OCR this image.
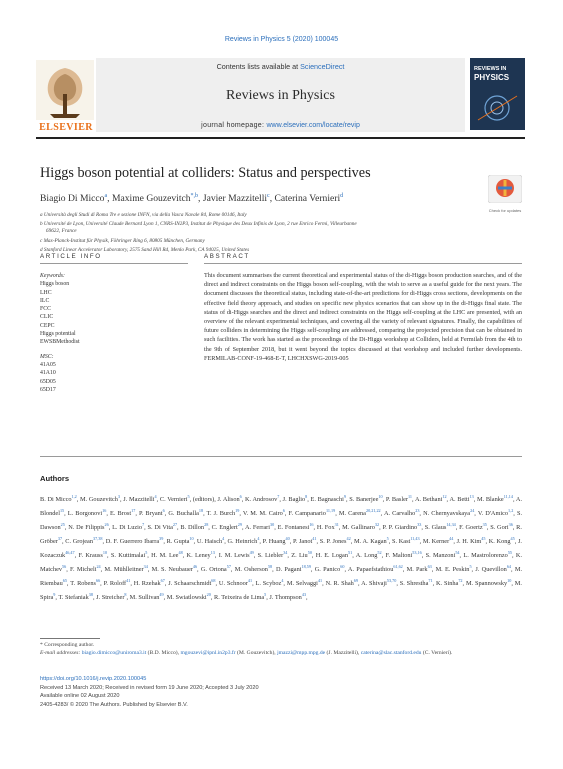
Reviews in Physics 5 (2020) 100045
ELSEVIER
Contents lists available at ScienceDirect
Reviews in Physics
journal homepage: www.elsevier.com/locate/revip
REVIEWS IN
PHYSICS
Higgs boson potential at colliders: Status and perspectives
Biagio Di Micco$^a$, Maxime Gouzevitch$^{*,b}$, Javier Mazzitelli$^c$, Caterina Vernieri$^d$
Check for updates
a Università degli Studi di Roma Tre e sezione INFN, via della Vasca Navale 84, Rome 00146, Italy
b Université de Lyon, Université Claude Bernard Lyon 1, CNRS-IN2P3, Institut de Physique des Deux Infinis de Lyon, 2 rue Enrico Fermi, Villeurbanne
69622, France
c Max-Planck-Institut für Physik, Föhringer Ring 6, 80805 München, Germany
d Stanford Linear Accelerator Laboratory, 2575 Sand Hill Rd, Menlo Park, CA 94025, United States
ARTICLE INFO
Keywords:
Higgs boson
LHC
ILC
FCC
CLIC
CEPC
Higgs potential
EWSBMethodist
MSC:
41A05
41A10
65D05
65D17
ABSTRACT
This document summarises the current theoretical and experimental status of the di-Higgs boson production searches, and of the direct and indirect constraints on the Higgs boson self-coupling, with the wish to serve as a useful guide for the next years. The document discusses the theoretical status, including state-of-the-art predictions for di-Higgs cross sections, developments on the effective field theory approach, and studies on specific new physics scenarios that can show up in the di-Higgs final state. The status of di-Higgs searches and the direct and indirect constraints on the Higgs self-coupling at the LHC are presented, with an overview of the relevant experimental techniques, and covering all the variety of relevant signatures. Finally, the capabilities of future colliders in determining the Higgs self-coupling are addressed, comparing the projected precision that can be obtained in such facilities. The work has started as the proceedings of the Di-Higgs workshop at Colliders, held at Fermilab from the 4th to the 9th of September 2018, but it went beyond the topics discussed at that workshop and included further developments. FERMILAB-CONF-19-468-E-T, LHCHXSWG-2019-005
Authors
B. Di Micco$^{1,2}$, M. Gouzevitch$^3$, J. Mazzitelli$^4$, C. Vernieri$^5$, (editors), J. Alison$^6$, K. Androsov$^7$, J. Baglio$^8$, E. Bagnaschi$^9$, S. Banerjee$^{10}$, P. Basler$^{11}$, A. Bethani$^{12}$, A. Betti$^{13}$, M. Blanke$^{11,14}$, A. Blondel$^{15}$, L. Borgonovi$^{16}$, E. Brost$^{17}$, P. Bryant$^6$, G. Buchalla$^{18}$, T. J. Burch$^{19}$, V. M. M. Cairo$^6$, F. Campanario$^{11,19}$, M. Carena$^{20,21,22}$, A. Carvalho$^{23}$, N. Chernyavskaya$^{24}$, V. D'Amico$^{1,2}$, S. Dawson$^{25}$, N. De Filippis$^{26}$, L. Di Luzio$^7$, S. Di Vita$^{27}$, B. Dillon$^{28}$, C. Englert$^{29}$, A. Ferrari$^{30}$, E. Fontanesi$^{16}$, H. Fox$^{31}$, M. Gallinaro$^{32}$, P. P. Giardino$^{33}$, S. Glaus$^{14,34}$, F. Goertz$^{35}$, S. Gori$^{36}$, R. Gröber$^{37}$, C. Grojean$^{37,38}$, D. F. Guerrero Ibarra$^{39}$, R. Gupta$^{10}$, U. Haisch$^4$, G. Heinrich$^4$, P. Huang$^{40}$, P. Janot$^{41}$, S. P. Jones$^{42}$, M. A. Kagan$^5$, S. Kast$^{11,43}$, M. Kerner$^{44}$, J. H. Kim$^{45}$, K. Kong$^{45}$, J. Kozaczuk$^{46,47}$, F. Krauss$^{10}$, S. Kuttimalai$^5$, H. M. Lee$^{48}$, K. Leney$^{13}$, I. M. Lewis$^{49}$, S. Liebler$^{34}$, Z. Liu$^{50}$, H. E. Logan$^{51}$, A. Long$^{52}$, F. Maltoni$^{53,16}$, S. Manzoni$^{54}$, L. Mastrolorenzo$^{55}$, K. Matchev$^{56}$, F. Micheli$^{24}$, M. Mühlleitner$^{34}$, M. S. Neubauer$^{46}$, G. Ortona$^{57}$, M. Osherson$^{58}$, D. Pagani$^{18,59}$, G. Panico$^{60}$, A. Papaefstathiou$^{61,62}$, M. Park$^{63}$, M. E. Peskin$^5$, J. Quevillon$^{64}$, M. Riembau$^{65}$, T. Robens$^{66}$, P. Roloff$^{41}$, H. Rzehak$^{67}$, J. Schaarschmidt$^{68}$, U. Schnoor$^{41}$, L. Scyboz$^4$, M. Selvaggi$^{41}$, N. R. Shah$^{69}$, A. Shivaji$^{53,70}$, S. Shrestha$^{71}$, K. Sinha$^{72}$, M. Spannowsky$^{10}$, M. Spira$^9$, T. Stefaniak$^{38}$, J. Streicher$^8$, M. Sullivan$^{49}$, M. Swiatlowski$^{20}$, R. Teixeira de Lima$^5$, J. Thompson$^{43}$,
* Corresponding author.
E-mail addresses: biagio.dimicco@uniroma3.it (B.D. Micco), mgouzevi@ipnl.in2p3.fr (M. Gouzevitch), jmazzi@mpp.mpg.de (J. Mazzitelli), caterina@slac.stanford.edu (C. Vernieri).
https://doi.org/10.1016/j.revip.2020.100045
Received 13 March 2020; Received in revised form 19 June 2020; Accepted 3 July 2020
Available online 02 August 2020
2405-4283/ © 2020 The Authors. Published by Elsevier B.V.
